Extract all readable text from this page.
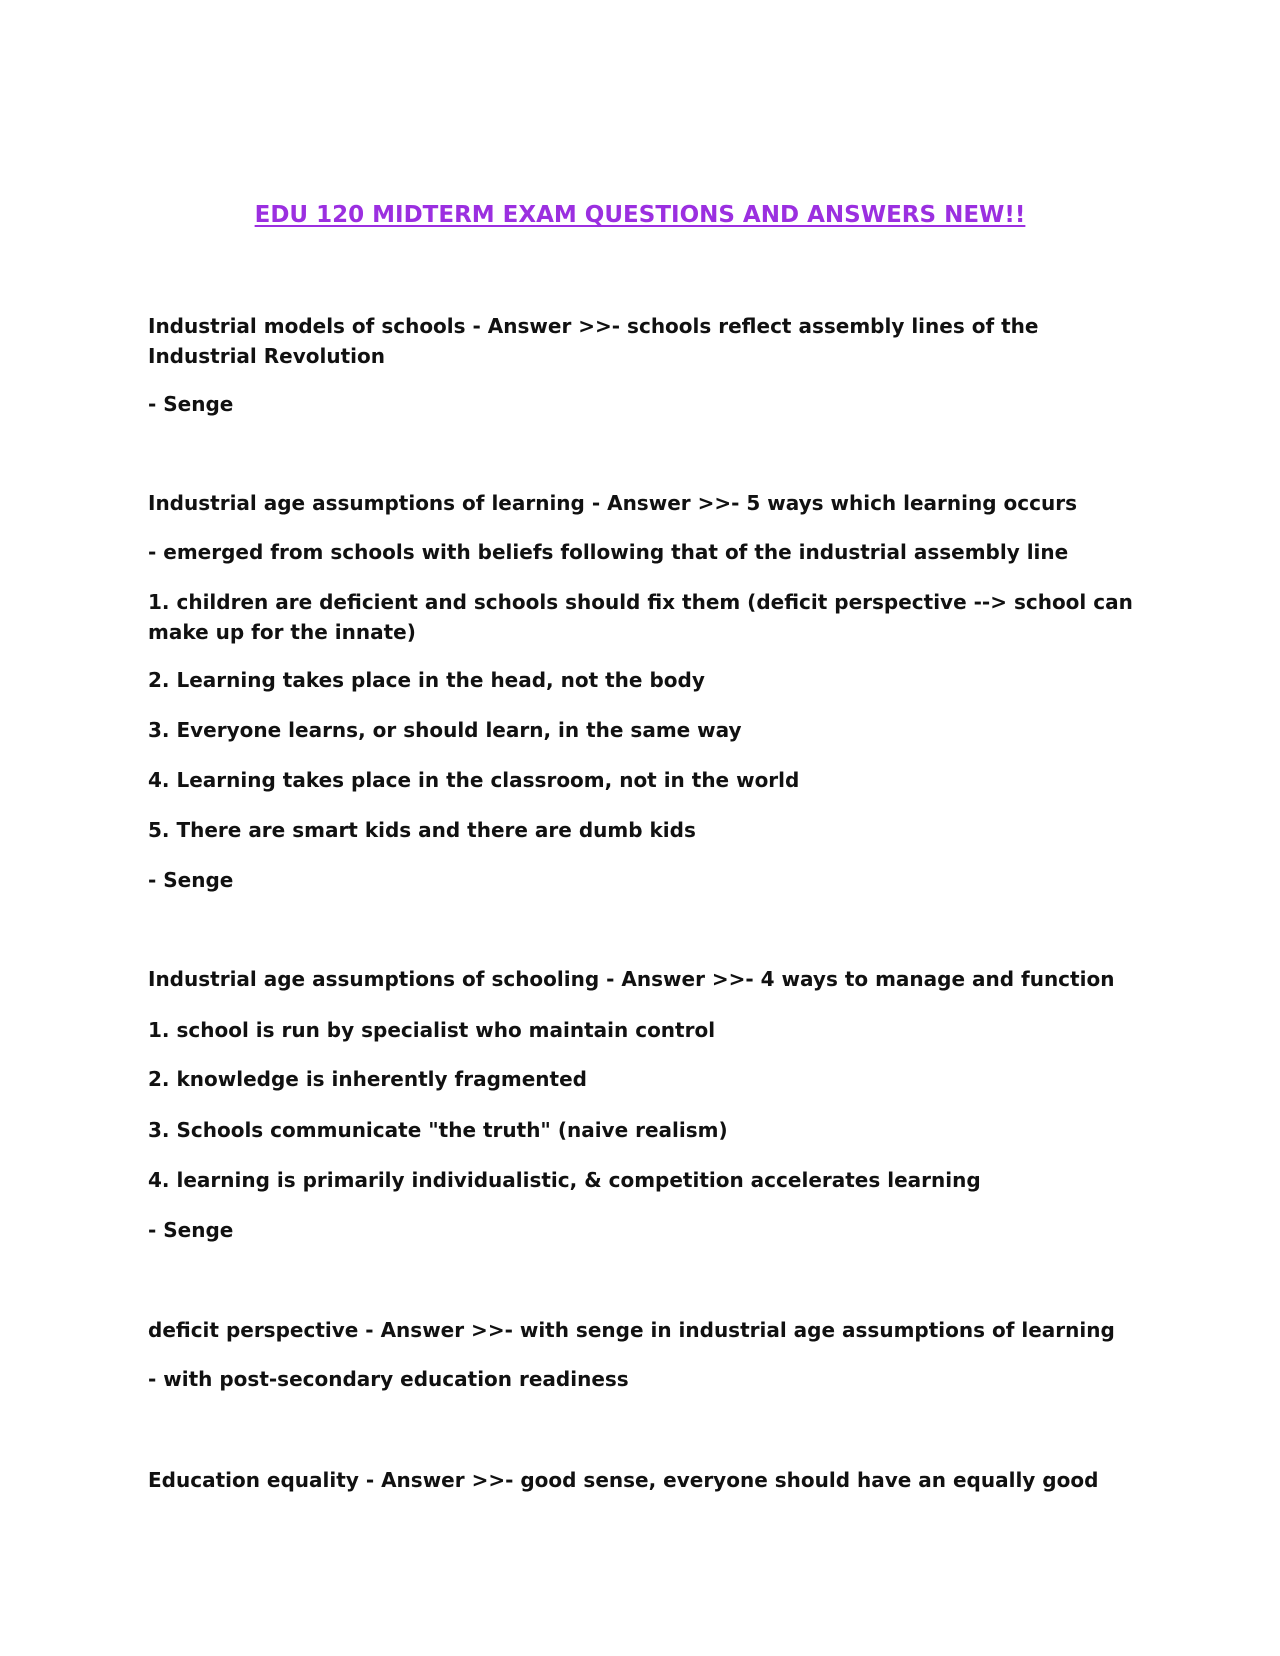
EDU 120 MIDTERM EXAM QUESTIONS AND ANSWERS NEW!!

Industrial models of schools - Answer >>- schools reflect assembly lines of the Industrial Revolution

- Senge

Industrial age assumptions of learning - Answer >>- 5 ways which learning occurs

- emerged from schools with beliefs following that of the industrial assembly line

1. children are deficient and schools should fix them (deficit perspective --> school can make up for the innate)

2. Learning takes place in the head, not the body

3. Everyone learns, or should learn, in the same way

4. Learning takes place in the classroom, not in the world

5. There are smart kids and there are dumb kids

- Senge

Industrial age assumptions of schooling - Answer >>- 4 ways to manage and function

1. school is run by specialist who maintain control

2. knowledge is inherently fragmented

3. Schools communicate "the truth" (naive realism)

4. learning is primarily individualistic, & competition accelerates learning

- Senge

deficit perspective - Answer >>- with senge in industrial age assumptions of learning

- with post-secondary education readiness

Education equality - Answer >>- good sense, everyone should have an equally good
